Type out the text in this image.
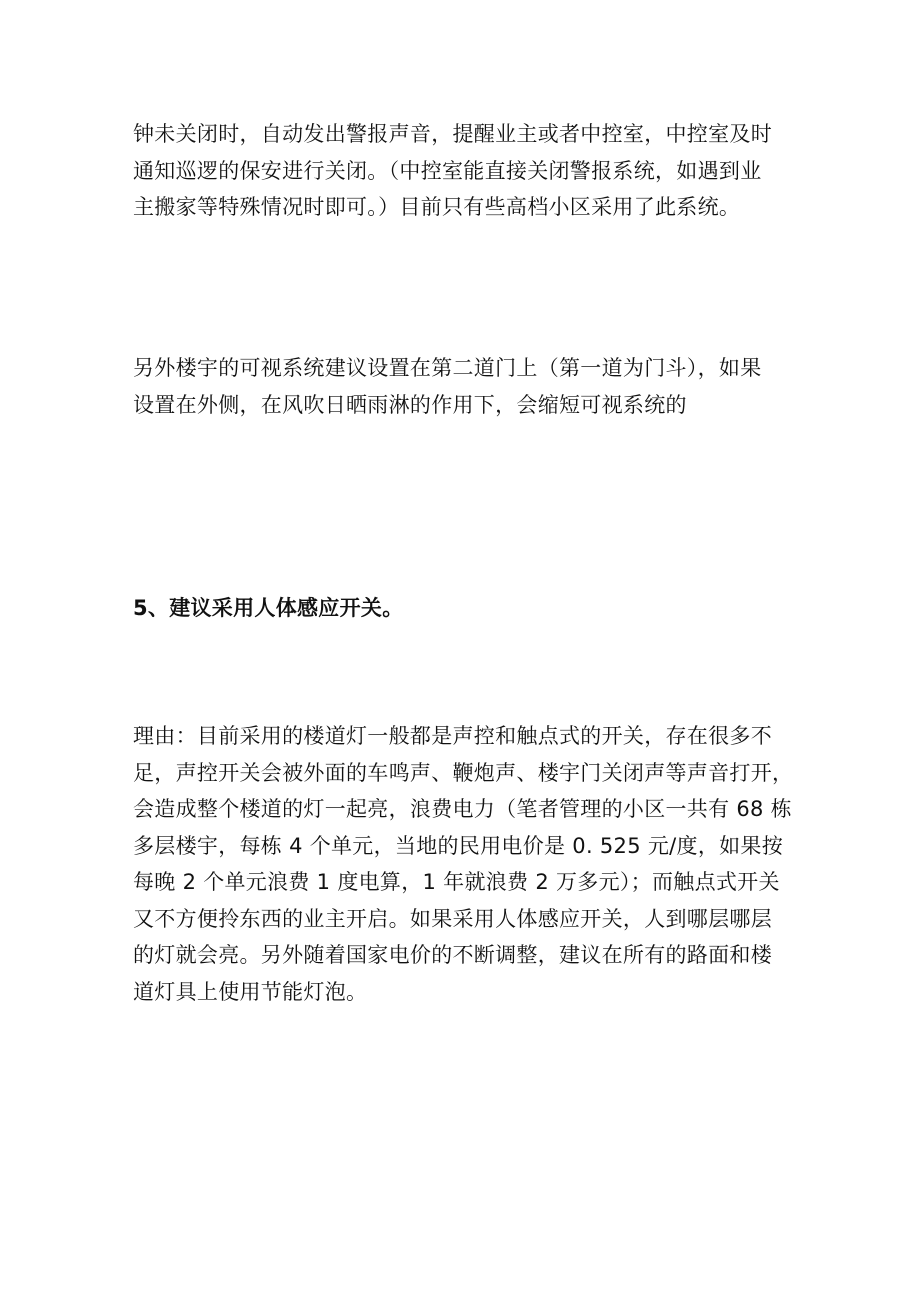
钟未关闭时，自动发出警报声音，提醒业主或者中控室，中控室及时
通知巡逻的保安进行关闭。（中控室能直接关闭警报系统，如遇到业
主搬家等特殊情况时即可。）目前只有些高档小区采用了此系统。

另外楼宇的可视系统建议设置在第二道门上（第一道为门斗），如果
设置在外侧，在风吹日晒雨淋的作用下，会缩短可视系统的

5、建议采用人体感应开关。

理由：目前采用的楼道灯一般都是声控和触点式的开关，存在很多不
足，声控开关会被外面的车鸣声、鞭炮声、楼宇门关闭声等声音打开，
会造成整个楼道的灯一起亮，浪费电力（笔者管理的小区一共有 68 栋
多层楼宇，每栋 4 个单元，当地的民用电价是 0. 525 元/度，如果按
每晚 2 个单元浪费 1 度电算，1 年就浪费 2 万多元）；而触点式开关
又不方便拎东西的业主开启。如果采用人体感应开关，人到哪层哪层
的灯就会亮。另外随着国家电价的不断调整，建议在所有的路面和楼
道灯具上使用节能灯泡。
